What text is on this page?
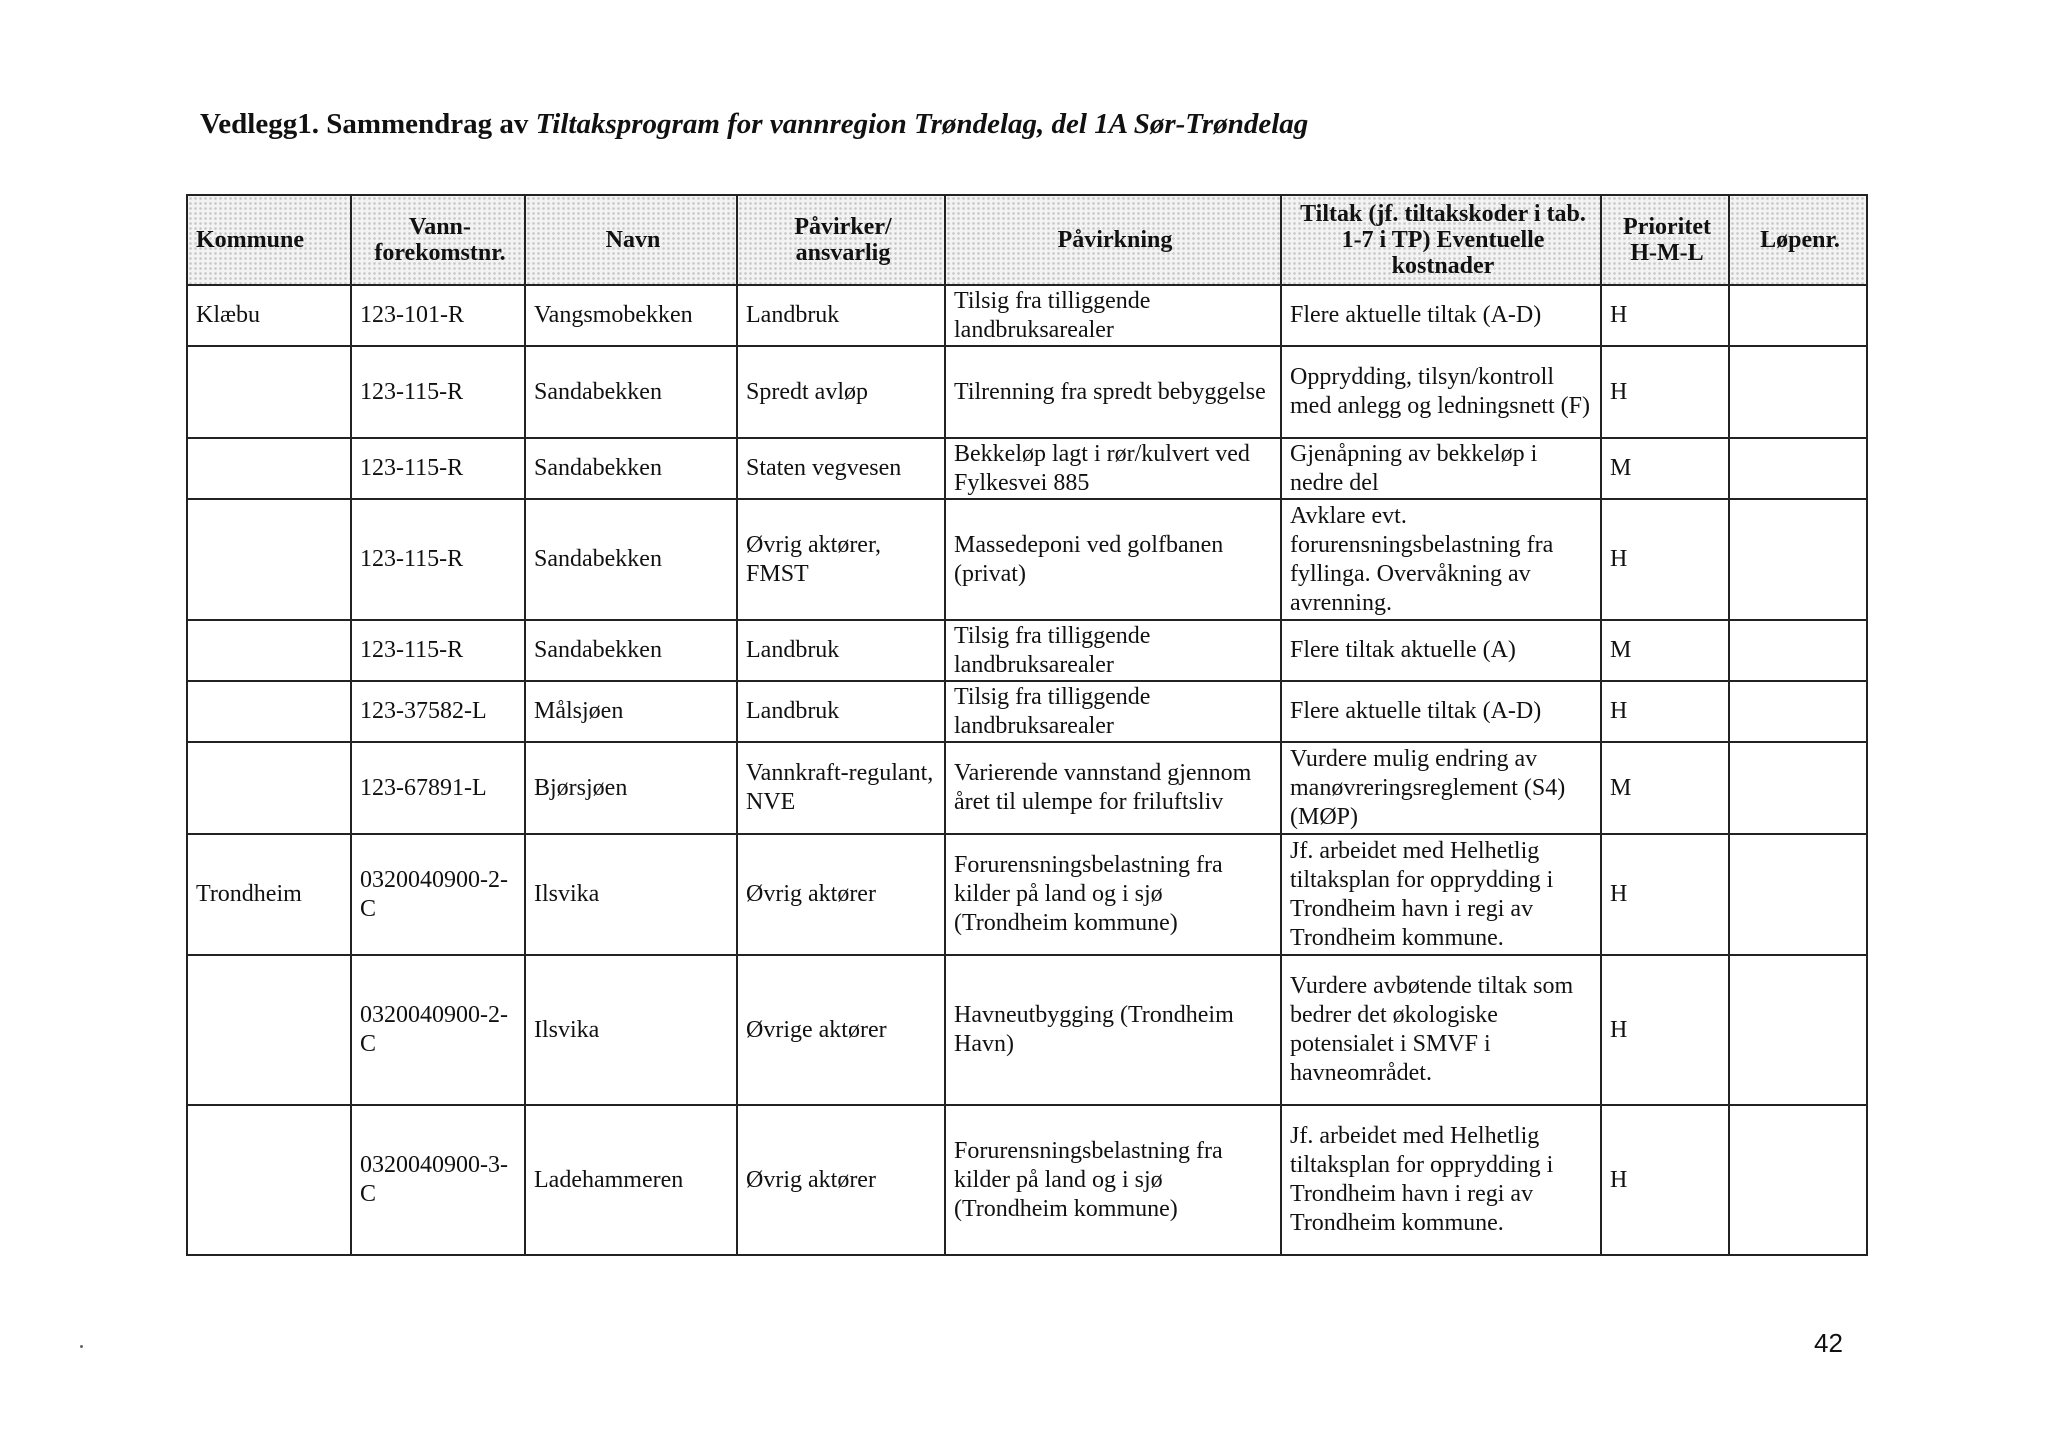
Vedlegg1. Sammendrag av Tiltaksprogram for vannregion Trøndelag, del 1A Sør-Trøndelag
Kommune	Vann-forekomstnr.	Navn	Påvirker/ ansvarlig	Påvirkning	Tiltak (jf. tiltakskoder i tab. 1-7 i TP) Eventuelle kostnader	Prioritet H-M-L	Løpenr.
Klæbu	123-101-R	Vangsmobekken	Landbruk	Tilsig fra tilliggende landbruksarealer	Flere aktuelle tiltak (A-D)	H	
	123-115-R	Sandabekken	Spredt avløp	Tilrenning fra spredt bebyggelse	Opprydding, tilsyn/kontroll med anlegg og ledningsnett (F)	H	
	123-115-R	Sandabekken	Staten vegvesen	Bekkeløp lagt i rør/kulvert ved Fylkesvei 885	Gjenåpning av bekkeløp i nedre del	M	
	123-115-R	Sandabekken	Øvrig aktører, FMST	Massedeponi ved golfbanen (privat)	Avklare evt. forurensningsbelastning fra fyllinga. Overvåkning av avrenning.	H	
	123-115-R	Sandabekken	Landbruk	Tilsig fra tilliggende landbruksarealer	Flere tiltak aktuelle (A)	M	
	123-37582-L	Målsjøen	Landbruk	Tilsig fra tilliggende landbruksarealer	Flere aktuelle tiltak (A-D)	H	
	123-67891-L	Bjørsjøen	Vannkraft-regulant, NVE	Varierende vannstand gjennom året til ulempe for friluftsliv	Vurdere mulig endring av manøvreringsreglement (S4) (MØP)	M	
Trondheim	0320040900-2-C	Ilsvika	Øvrig aktører	Forurensningsbelastning fra kilder på land og i sjø (Trondheim kommune)	Jf. arbeidet med Helhetlig tiltaksplan for opprydding i Trondheim havn i regi av Trondheim kommune.	H	
	0320040900-2-C	Ilsvika	Øvrige aktører	Havneutbygging (Trondheim Havn)	Vurdere avbøtende tiltak som bedrer det økologiske potensialet i SMVF i havneområdet.	H	
	0320040900-3-C	Ladehammeren	Øvrig aktører	Forurensningsbelastning fra kilder på land og i sjø (Trondheim kommune)	Jf. arbeidet med Helhetlig tiltaksplan for opprydding i Trondheim havn i regi av Trondheim kommune.	H	
42
